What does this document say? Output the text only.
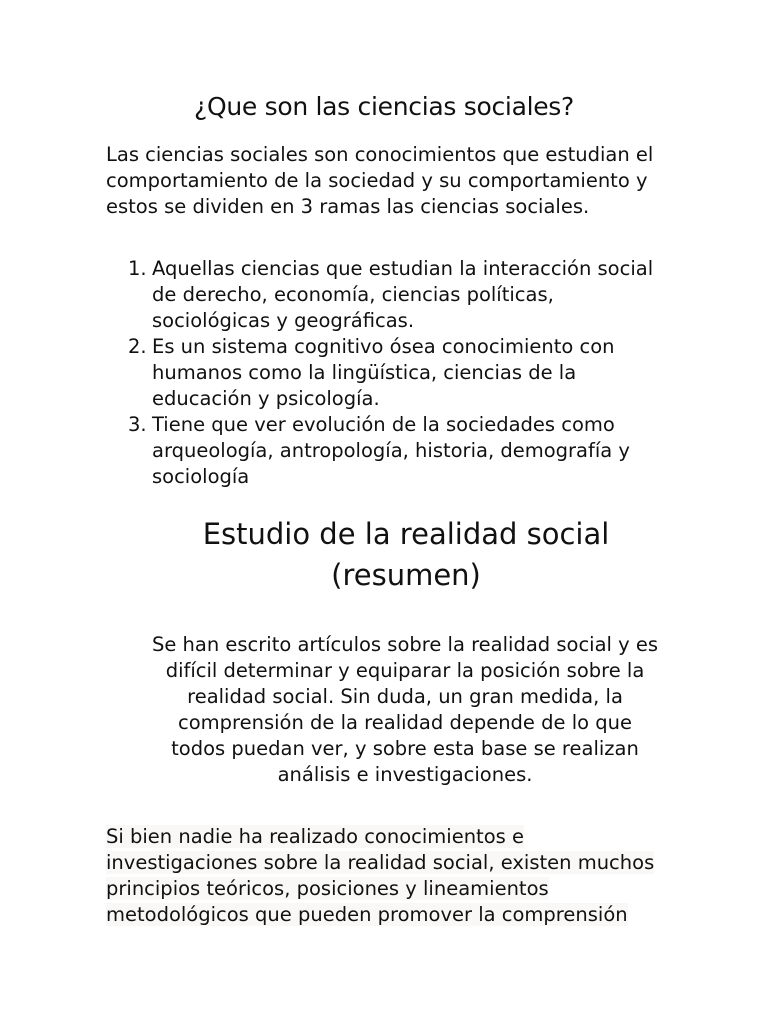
¿Que son las ciencias sociales?

Las ciencias sociales son conocimientos que estudian el comportamiento de la sociedad y su comportamiento y estos se dividen en 3 ramas las ciencias sociales.

1. Aquellas ciencias que estudian la interacción social de derecho, economía, ciencias políticas, sociológicas y geográficas.
2. Es un sistema cognitivo ósea conocimiento con humanos como la lingüística, ciencias de la educación y psicología.
3. Tiene que ver evolución de la sociedades como arqueología, antropología, historia, demografía y sociología
Estudio de la realidad social (resumen)

Se han escrito artículos sobre la realidad social y es difícil determinar y equiparar la posición sobre la realidad social. Sin duda, un gran medida, la comprensión de la realidad depende de lo que todos puedan ver, y sobre esta base se realizan análisis e investigaciones.

Si bien nadie ha realizado conocimientos e investigaciones sobre la realidad social, existen muchos principios teóricos, posiciones y lineamientos metodológicos que pueden promover la comprensión
